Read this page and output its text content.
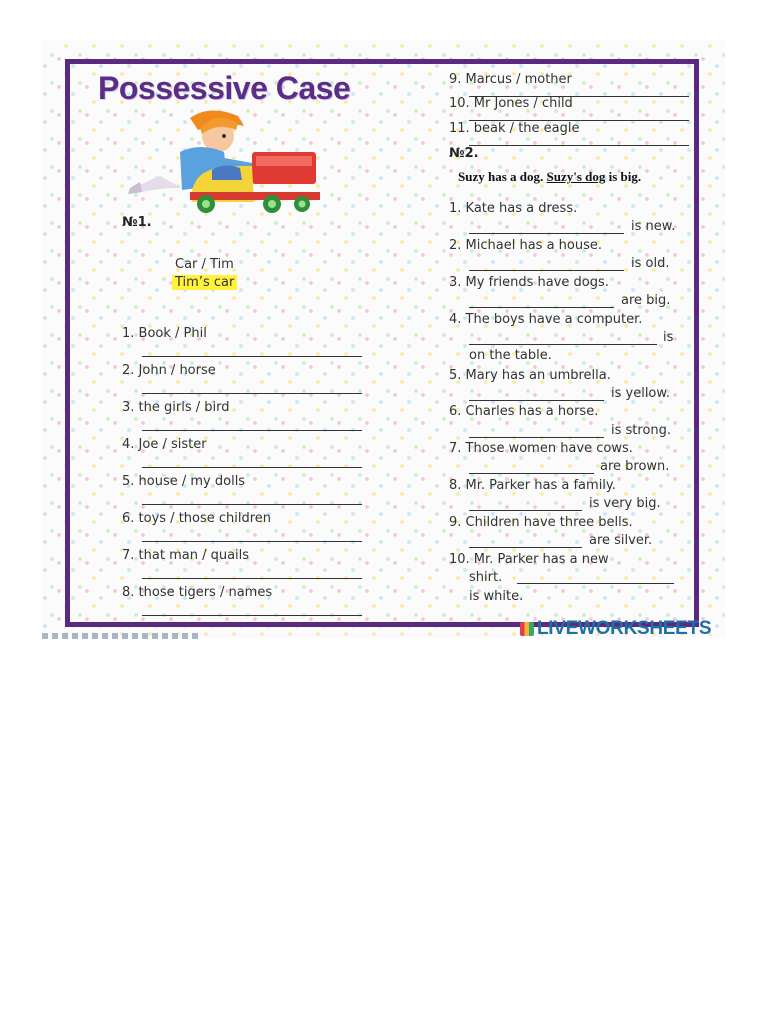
Possessive Case
№1.
Car / Tim
Tim’s car
1. Book / Phil
2. John / horse
3. the girls / bird
4. Joe / sister
5. house / my dolls
6. toys / those children
7. that man / quails
8. those tigers / names
9. Marcus / mother
10. Mr Jones / child
11. beak / the eagle
№2.
Suzy has a dog. Suzy's dog is big.
1. Kate has a dress.
is new.
2. Michael has a house.
is old.
3. My friends have dogs.
are big.
4. The boys have a computer.
is
on the table.
5. Mary has an umbrella.
is yellow.
6. Charles has a horse.
is strong.
7. Those women have cows.
are brown.
8. Mr. Parker has a family.
is very big.
9. Children have three bells.
are silver.
10. Mr. Parker has a new
shirt.
is white.
LIVEWORKSHEETS
